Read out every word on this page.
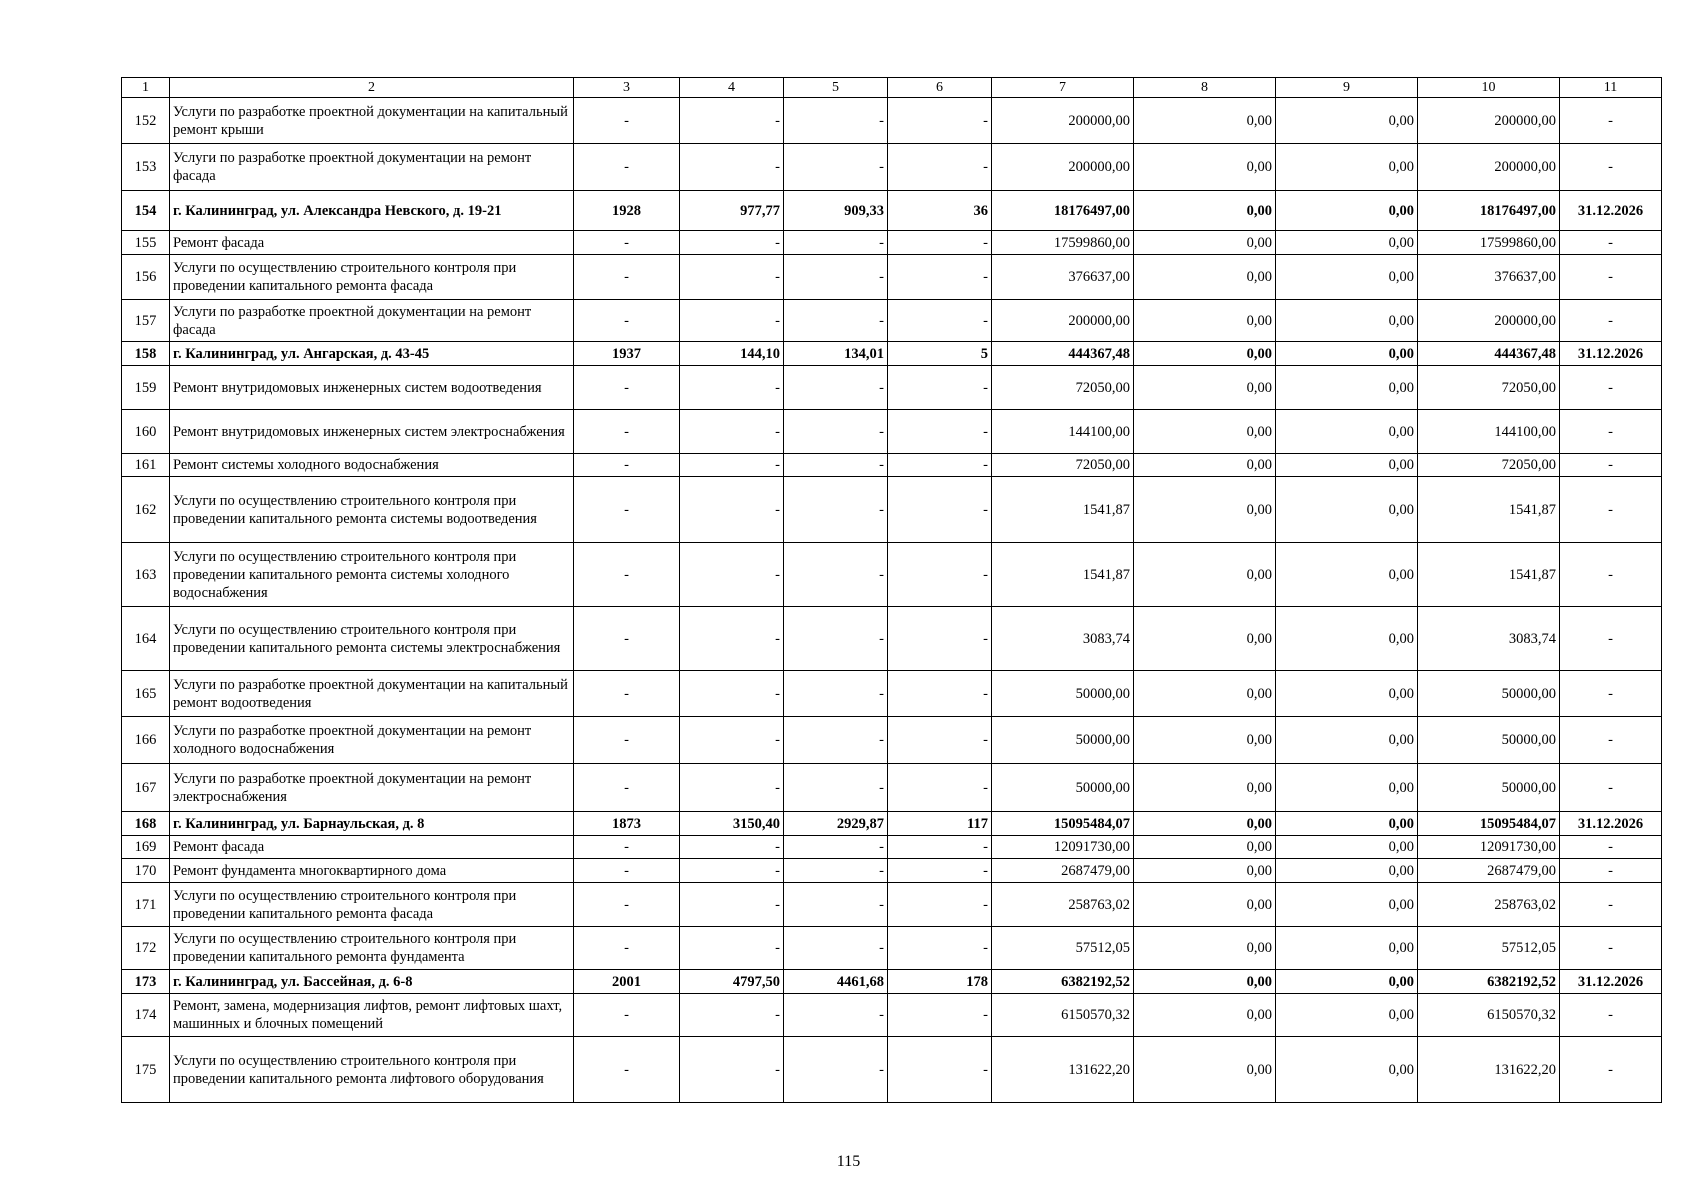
1	2	3	4	5	6	7	8	9	10	11
152	Услуги по разработке проектной документации на капитальный ремонт крыши	-	-	-	-	200000,00	0,00	0,00	200000,00	-
153	Услуги по разработке проектной документации на ремонт фасада	-	-	-	-	200000,00	0,00	0,00	200000,00	-
154	г. Калининград, ул. Александра Невского, д. 19-21	1928	977,77	909,33	36	18176497,00	0,00	0,00	18176497,00	31.12.2026
155	Ремонт фасада	-	-	-	-	17599860,00	0,00	0,00	17599860,00	-
156	Услуги по осуществлению строительного контроля при проведении капитального ремонта фасада	-	-	-	-	376637,00	0,00	0,00	376637,00	-
157	Услуги по разработке проектной документации на ремонт фасада	-	-	-	-	200000,00	0,00	0,00	200000,00	-
158	г. Калининград, ул. Ангарская, д. 43-45	1937	144,10	134,01	5	444367,48	0,00	0,00	444367,48	31.12.2026
159	Ремонт внутридомовых инженерных систем водоотведения	-	-	-	-	72050,00	0,00	0,00	72050,00	-
160	Ремонт внутридомовых инженерных систем электроснабжения	-	-	-	-	144100,00	0,00	0,00	144100,00	-
161	Ремонт системы холодного водоснабжения	-	-	-	-	72050,00	0,00	0,00	72050,00	-
162	Услуги по осуществлению строительного контроля при проведении капитального ремонта системы водоотведения	-	-	-	-	1541,87	0,00	0,00	1541,87	-
163	Услуги по осуществлению строительного контроля при проведении капитального ремонта системы холодного водоснабжения	-	-	-	-	1541,87	0,00	0,00	1541,87	-
164	Услуги по осуществлению строительного контроля при проведении капитального ремонта системы электроснабжения	-	-	-	-	3083,74	0,00	0,00	3083,74	-
165	Услуги по разработке проектной документации на капитальный ремонт водоотведения	-	-	-	-	50000,00	0,00	0,00	50000,00	-
166	Услуги по разработке проектной документации на ремонт холодного водоснабжения	-	-	-	-	50000,00	0,00	0,00	50000,00	-
167	Услуги по разработке проектной документации на ремонт электроснабжения	-	-	-	-	50000,00	0,00	0,00	50000,00	-
168	г. Калининград, ул. Барнаульская, д. 8	1873	3150,40	2929,87	117	15095484,07	0,00	0,00	15095484,07	31.12.2026
169	Ремонт фасада	-	-	-	-	12091730,00	0,00	0,00	12091730,00	-
170	Ремонт фундамента многоквартирного дома	-	-	-	-	2687479,00	0,00	0,00	2687479,00	-
171	Услуги по осуществлению строительного контроля при проведении капитального ремонта фасада	-	-	-	-	258763,02	0,00	0,00	258763,02	-
172	Услуги по осуществлению строительного контроля при проведении капитального ремонта фундамента	-	-	-	-	57512,05	0,00	0,00	57512,05	-
173	г. Калининград, ул. Бассейная, д. 6-8	2001	4797,50	4461,68	178	6382192,52	0,00	0,00	6382192,52	31.12.2026
174	Ремонт, замена, модернизация лифтов, ремонт лифтовых шахт, машинных и блочных помещений	-	-	-	-	6150570,32	0,00	0,00	6150570,32	-
175	Услуги по осуществлению строительного контроля при проведении капитального ремонта лифтового оборудования	-	-	-	-	131622,20	0,00	0,00	131622,20	-
115
